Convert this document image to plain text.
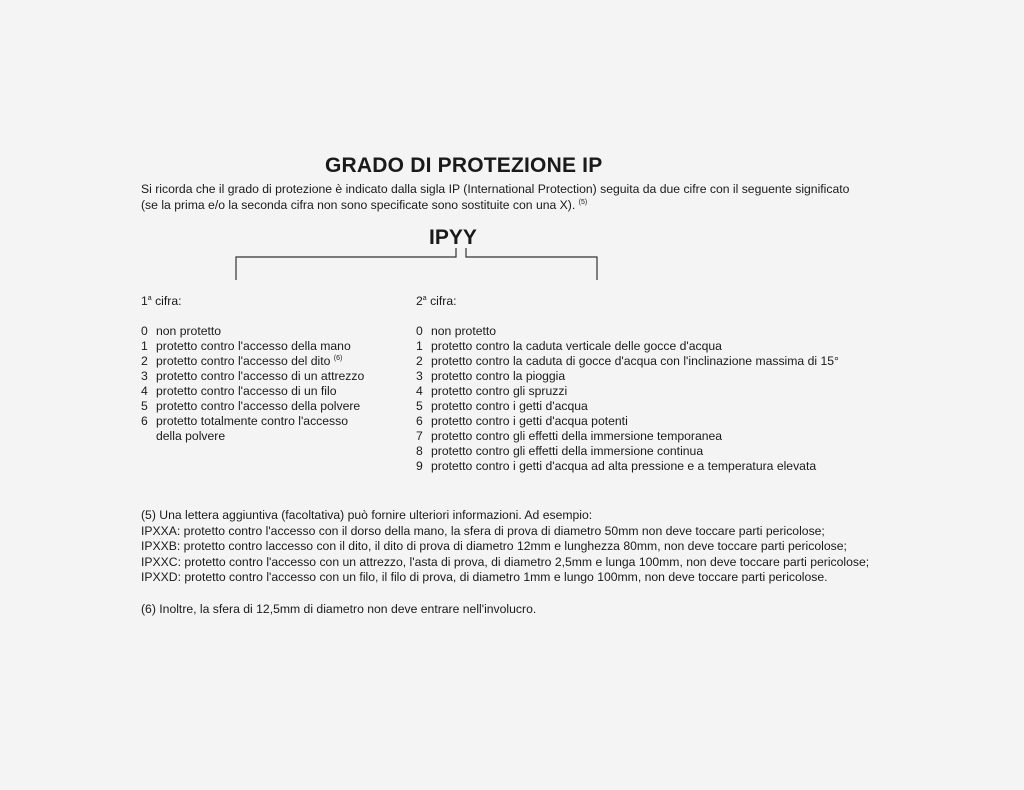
GRADO DI PROTEZIONE IP
Si ricorda che il grado di protezione è indicato dalla sigla IP (International Protection) seguita da due cifre con il seguente significato
(se la prima e/o la seconda cifra non sono specificate sono sostituite con una X). $^{(5)}$
IPYY
1$^a$ cifra:
0 non protetto
1 protetto contro l'accesso della mano
2 protetto contro l'accesso del dito $^{(6)}$
3 protetto contro l'accesso di un attrezzo
4 protetto contro l'accesso di un filo
5 protetto contro l'accesso della polvere
6 protetto totalmente contro l'accesso
della polvere
2$^a$ cifra:
0 non protetto
1 protetto contro la caduta verticale delle gocce d'acqua
2 protetto contro la caduta di gocce d'acqua con l'inclinazione massima di 15°
3 protetto contro la pioggia
4 protetto contro gli spruzzi
5 protetto contro i getti d'acqua
6 protetto contro i getti d'acqua potenti
7 protetto contro gli effetti della immersione temporanea
8 protetto contro gli effetti della immersione continua
9 protetto contro i getti d'acqua ad alta pressione e a temperatura elevata
(5) Una lettera aggiuntiva (facoltativa) può fornire ulteriori informazioni. Ad esempio:
IPXXA: protetto contro l'accesso con il dorso della mano, la sfera di prova di diametro 50mm non deve toccare parti pericolose;
IPXXB: protetto contro laccesso con il dito, il dito di prova di diametro 12mm e lunghezza 80mm, non deve toccare parti pericolose;
IPXXC: protetto contro l'accesso con un attrezzo, l'asta di prova, di diametro 2,5mm e lunga 100mm, non deve toccare parti pericolose;
IPXXD: protetto contro l'accesso con un filo, il filo di prova, di diametro 1mm e lungo 100mm, non deve toccare parti pericolose.
(6) Inoltre, la sfera di 12,5mm di diametro non deve entrare nell'involucro.
